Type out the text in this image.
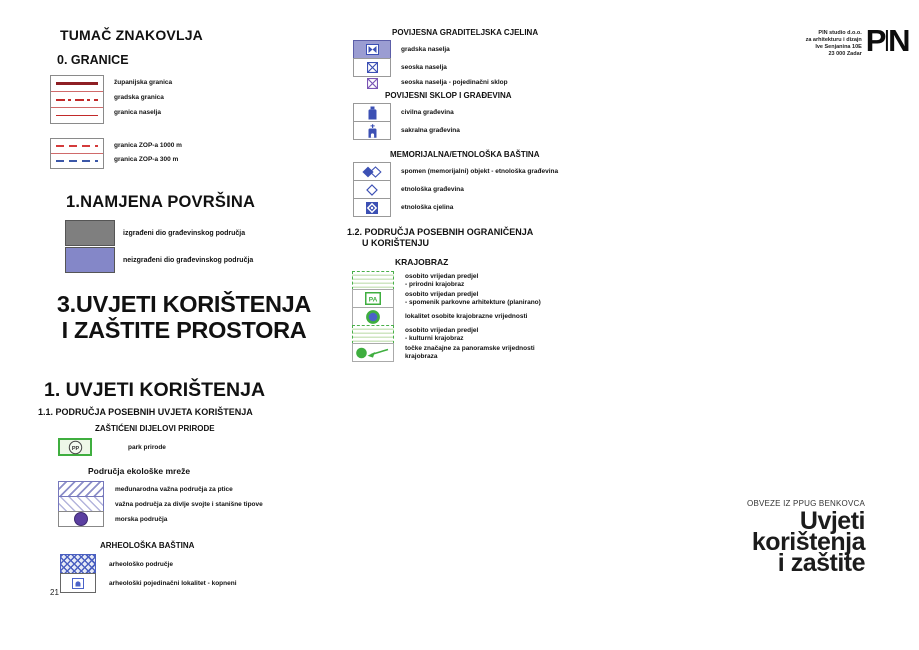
TUMAČ ZNAKOVLJA
0. GRANICE
županijska granica
gradska granica
granica naselja
granica ZOP-a 1000 m
granica ZOP-a 300 m
1.NAMJENA POVRŠINA
izgrađeni dio građevinskog područja
neizgrađeni dio građevinskog područja
3.UVJETI KORIŠTENJA
I ZAŠTITE PROSTORA
1. UVJETI KORIŠTENJA
1.1. PODRUČJA POSEBNIH UVJETA KORIŠTENJA
ZAŠTIĆENI DIJELOVI PRIRODE
PP	park prirode
Područja ekološke mreže
međunarodna važna područja za ptice
važna područja za divlje svojte i stanišne tipove
morska područja
ARHEOLOŠKA BAŠTINA
arheološko područje
arheološki pojedinačni lokalitet - kopneni
POVIJESNA GRADITELJSKA CJELINA
gradska naselja
seoska naselja
seoska naselja - pojedinačni sklop
POVIJESNI SKLOP I GRAĐEVINA
civilna građevina
sakralna građevina
MEMORIJALNA/ETNOLOŠKA BAŠTINA
spomen (memorijalni) objekt - etnološka građevina
etnološka građevina
etnološka cjelina
1.2. PODRUČJA POSEBNIH OGRANIČENJA
U KORIŠTENJU
KRAJOBRAZ
osobito vrijedan predjel
- prirodni krajobraz
PA
osobito vrijedan predjel
- spomenik parkovne arhitekture (planirano)
lokalitet osobite krajobrazne vrijednosti
osobito vrijedan predjel
- kulturni krajobraz
točke značajne za panoramske vrijednosti
krajobraza
PIN studio d.o.o.
za arhitekturu i dizajn
Ive Senjanina 10E
23 000 Zadar PIN
OBVEZE IZ PPUG BENKOVCA
Uvjeti
korištenja
i zaštite
21
